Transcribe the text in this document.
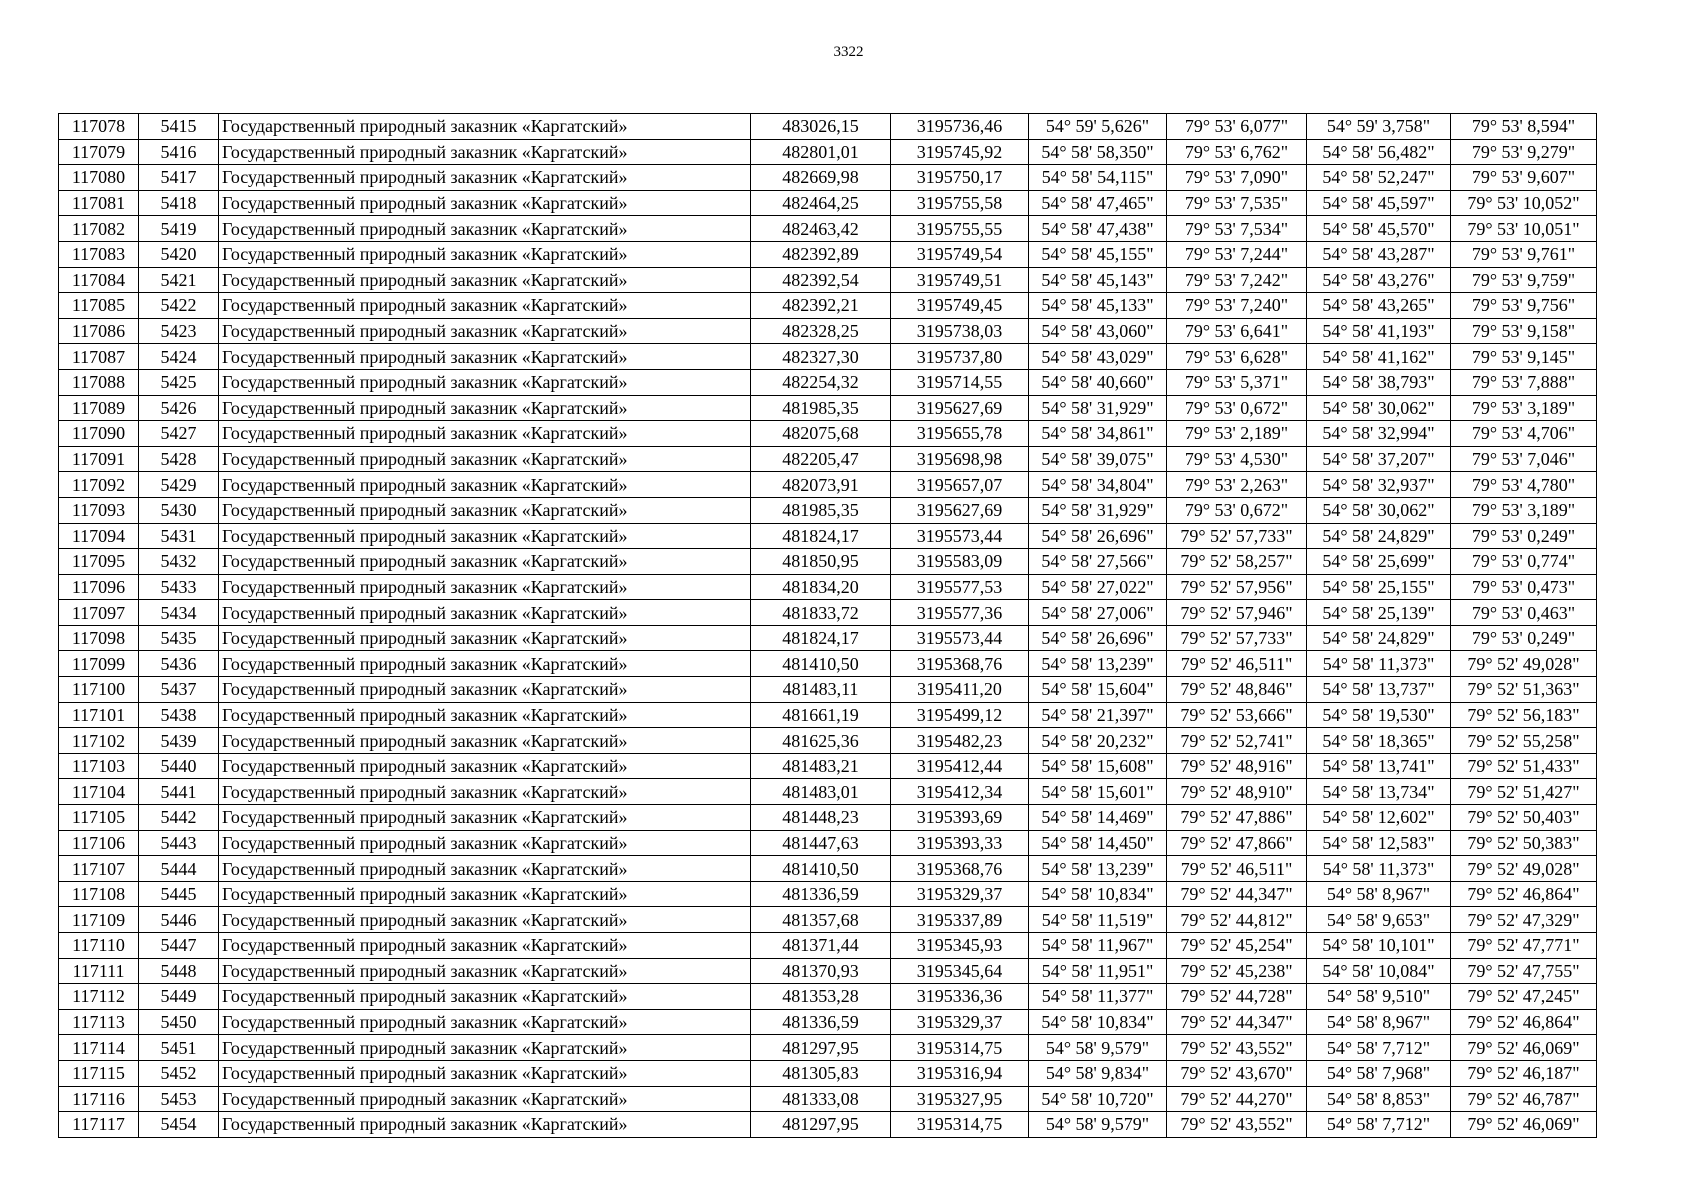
3322
117078	5415	Государственный природный заказник «Каргатский»	483026,15	3195736,46	54° 59' 5,626"	79° 53' 6,077"	54° 59' 3,758"	79° 53' 8,594"
117079	5416	Государственный природный заказник «Каргатский»	482801,01	3195745,92	54° 58' 58,350"	79° 53' 6,762"	54° 58' 56,482"	79° 53' 9,279"
117080	5417	Государственный природный заказник «Каргатский»	482669,98	3195750,17	54° 58' 54,115"	79° 53' 7,090"	54° 58' 52,247"	79° 53' 9,607"
117081	5418	Государственный природный заказник «Каргатский»	482464,25	3195755,58	54° 58' 47,465"	79° 53' 7,535"	54° 58' 45,597"	79° 53' 10,052"
117082	5419	Государственный природный заказник «Каргатский»	482463,42	3195755,55	54° 58' 47,438"	79° 53' 7,534"	54° 58' 45,570"	79° 53' 10,051"
117083	5420	Государственный природный заказник «Каргатский»	482392,89	3195749,54	54° 58' 45,155"	79° 53' 7,244"	54° 58' 43,287"	79° 53' 9,761"
117084	5421	Государственный природный заказник «Каргатский»	482392,54	3195749,51	54° 58' 45,143"	79° 53' 7,242"	54° 58' 43,276"	79° 53' 9,759"
117085	5422	Государственный природный заказник «Каргатский»	482392,21	3195749,45	54° 58' 45,133"	79° 53' 7,240"	54° 58' 43,265"	79° 53' 9,756"
117086	5423	Государственный природный заказник «Каргатский»	482328,25	3195738,03	54° 58' 43,060"	79° 53' 6,641"	54° 58' 41,193"	79° 53' 9,158"
117087	5424	Государственный природный заказник «Каргатский»	482327,30	3195737,80	54° 58' 43,029"	79° 53' 6,628"	54° 58' 41,162"	79° 53' 9,145"
117088	5425	Государственный природный заказник «Каргатский»	482254,32	3195714,55	54° 58' 40,660"	79° 53' 5,371"	54° 58' 38,793"	79° 53' 7,888"
117089	5426	Государственный природный заказник «Каргатский»	481985,35	3195627,69	54° 58' 31,929"	79° 53' 0,672"	54° 58' 30,062"	79° 53' 3,189"
117090	5427	Государственный природный заказник «Каргатский»	482075,68	3195655,78	54° 58' 34,861"	79° 53' 2,189"	54° 58' 32,994"	79° 53' 4,706"
117091	5428	Государственный природный заказник «Каргатский»	482205,47	3195698,98	54° 58' 39,075"	79° 53' 4,530"	54° 58' 37,207"	79° 53' 7,046"
117092	5429	Государственный природный заказник «Каргатский»	482073,91	3195657,07	54° 58' 34,804"	79° 53' 2,263"	54° 58' 32,937"	79° 53' 4,780"
117093	5430	Государственный природный заказник «Каргатский»	481985,35	3195627,69	54° 58' 31,929"	79° 53' 0,672"	54° 58' 30,062"	79° 53' 3,189"
117094	5431	Государственный природный заказник «Каргатский»	481824,17	3195573,44	54° 58' 26,696"	79° 52' 57,733"	54° 58' 24,829"	79° 53' 0,249"
117095	5432	Государственный природный заказник «Каргатский»	481850,95	3195583,09	54° 58' 27,566"	79° 52' 58,257"	54° 58' 25,699"	79° 53' 0,774"
117096	5433	Государственный природный заказник «Каргатский»	481834,20	3195577,53	54° 58' 27,022"	79° 52' 57,956"	54° 58' 25,155"	79° 53' 0,473"
117097	5434	Государственный природный заказник «Каргатский»	481833,72	3195577,36	54° 58' 27,006"	79° 52' 57,946"	54° 58' 25,139"	79° 53' 0,463"
117098	5435	Государственный природный заказник «Каргатский»	481824,17	3195573,44	54° 58' 26,696"	79° 52' 57,733"	54° 58' 24,829"	79° 53' 0,249"
117099	5436	Государственный природный заказник «Каргатский»	481410,50	3195368,76	54° 58' 13,239"	79° 52' 46,511"	54° 58' 11,373"	79° 52' 49,028"
117100	5437	Государственный природный заказник «Каргатский»	481483,11	3195411,20	54° 58' 15,604"	79° 52' 48,846"	54° 58' 13,737"	79° 52' 51,363"
117101	5438	Государственный природный заказник «Каргатский»	481661,19	3195499,12	54° 58' 21,397"	79° 52' 53,666"	54° 58' 19,530"	79° 52' 56,183"
117102	5439	Государственный природный заказник «Каргатский»	481625,36	3195482,23	54° 58' 20,232"	79° 52' 52,741"	54° 58' 18,365"	79° 52' 55,258"
117103	5440	Государственный природный заказник «Каргатский»	481483,21	3195412,44	54° 58' 15,608"	79° 52' 48,916"	54° 58' 13,741"	79° 52' 51,433"
117104	5441	Государственный природный заказник «Каргатский»	481483,01	3195412,34	54° 58' 15,601"	79° 52' 48,910"	54° 58' 13,734"	79° 52' 51,427"
117105	5442	Государственный природный заказник «Каргатский»	481448,23	3195393,69	54° 58' 14,469"	79° 52' 47,886"	54° 58' 12,602"	79° 52' 50,403"
117106	5443	Государственный природный заказник «Каргатский»	481447,63	3195393,33	54° 58' 14,450"	79° 52' 47,866"	54° 58' 12,583"	79° 52' 50,383"
117107	5444	Государственный природный заказник «Каргатский»	481410,50	3195368,76	54° 58' 13,239"	79° 52' 46,511"	54° 58' 11,373"	79° 52' 49,028"
117108	5445	Государственный природный заказник «Каргатский»	481336,59	3195329,37	54° 58' 10,834"	79° 52' 44,347"	54° 58' 8,967"	79° 52' 46,864"
117109	5446	Государственный природный заказник «Каргатский»	481357,68	3195337,89	54° 58' 11,519"	79° 52' 44,812"	54° 58' 9,653"	79° 52' 47,329"
117110	5447	Государственный природный заказник «Каргатский»	481371,44	3195345,93	54° 58' 11,967"	79° 52' 45,254"	54° 58' 10,101"	79° 52' 47,771"
117111	5448	Государственный природный заказник «Каргатский»	481370,93	3195345,64	54° 58' 11,951"	79° 52' 45,238"	54° 58' 10,084"	79° 52' 47,755"
117112	5449	Государственный природный заказник «Каргатский»	481353,28	3195336,36	54° 58' 11,377"	79° 52' 44,728"	54° 58' 9,510"	79° 52' 47,245"
117113	5450	Государственный природный заказник «Каргатский»	481336,59	3195329,37	54° 58' 10,834"	79° 52' 44,347"	54° 58' 8,967"	79° 52' 46,864"
117114	5451	Государственный природный заказник «Каргатский»	481297,95	3195314,75	54° 58' 9,579"	79° 52' 43,552"	54° 58' 7,712"	79° 52' 46,069"
117115	5452	Государственный природный заказник «Каргатский»	481305,83	3195316,94	54° 58' 9,834"	79° 52' 43,670"	54° 58' 7,968"	79° 52' 46,187"
117116	5453	Государственный природный заказник «Каргатский»	481333,08	3195327,95	54° 58' 10,720"	79° 52' 44,270"	54° 58' 8,853"	79° 52' 46,787"
117117	5454	Государственный природный заказник «Каргатский»	481297,95	3195314,75	54° 58' 9,579"	79° 52' 43,552"	54° 58' 7,712"	79° 52' 46,069"
